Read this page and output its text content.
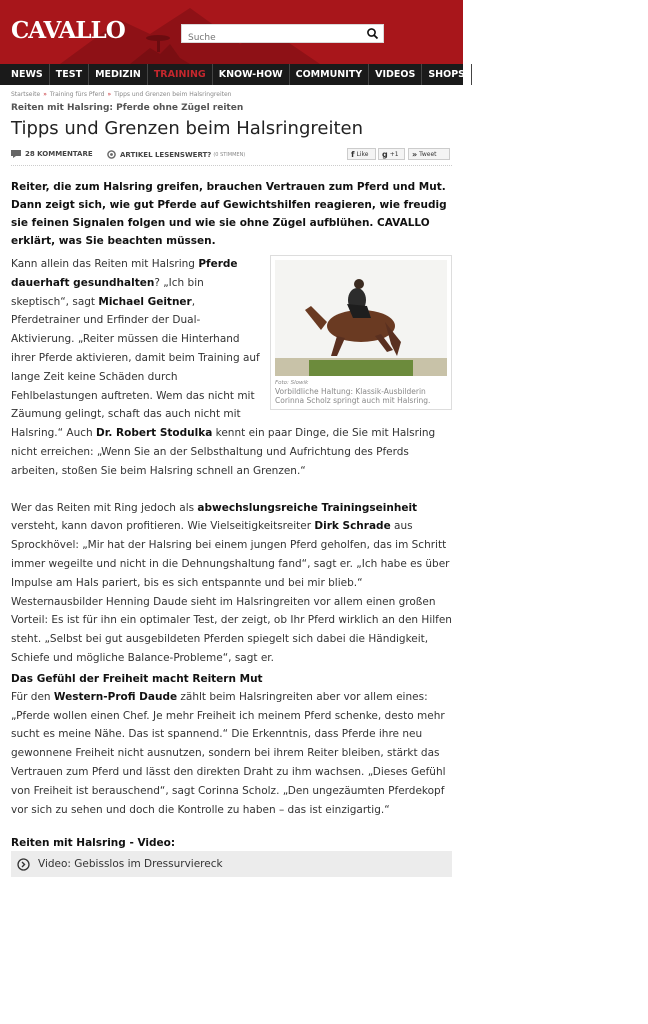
CAVALLO
Suche
NEWS	TEST	MEDIZIN	TRAINING	KNOW-HOW	COMMUNITY	VIDEOS	SHOPS	HEFT/
Startseite » Training fürs Pferd » Tipps und Grenzen beim Halsringreiten
Reiten mit Halsring: Pferde ohne Zügel reiten
Tipps und Grenzen beim Halsringreiten
28 KOMMENTARE	ARTIKEL LESENSWERT? (0 STIMMEN)	f Like g +1 » Tweet
Reiter, die zum Halsring greifen, brauchen Vertrauen zum Pferd und Mut. Dann zeigt sich, wie gut Pferde auf Gewichtshilfen reagieren, wie freudig sie feinen Signalen folgen und wie sie ohne Zügel aufblühen. CAVALLO erklärt, was Sie beachten müssen.
Foto: Slowik
Vorbildliche Haltung: Klassik-Ausbilderin Corinna Scholz springt auch mit Halsring.

Kann allein das Reiten mit Halsring Pferde dauerhaft gesundhalten? „Ich bin skeptisch“, sagt Michael Geitner, Pferdetrainer und Erfinder der Dual-Aktivierung. „Reiter müssen die Hinterhand ihrer Pferde aktivieren, damit beim Training auf lange Zeit keine Schäden durch Fehlbelastungen auftreten. Wem das nicht mit Zäumung gelingt, schaft das auch nicht mit Halsring.“ Auch Dr. Robert Stodulka kennt ein paar Dinge, die Sie mit Halsring nicht erreichen: „Wenn Sie an der Selbsthaltung und Aufrichtung des Pferds arbeiten, stoßen Sie beim Halsring schnell an Grenzen.“

Wer das Reiten mit Ring jedoch als abwechslungsreiche Trainingseinheit versteht, kann davon profitieren. Wie Vielseitigkeitsreiter Dirk Schrade aus Sprockhövel: „Mir hat der Halsring bei einem jungen Pferd geholfen, das im Schritt immer wegeilte und nicht in die Dehnungshaltung fand“, sagt er. „Ich habe es über Impulse am Hals pariert, bis es sich entspannte und bei mir blieb.“ Westernausbilder Henning Daude sieht im Halsringreiten vor allem einen großen Vorteil: Es ist für ihn ein optimaler Test, der zeigt, ob Ihr Pferd wirklich an den Hilfen steht. „Selbst bei gut ausgebildeten Pferden spiegelt sich dabei die Händigkeit, Schiefe und mögliche Balance-Probleme“, sagt er.

Das Gefühl der Freiheit macht Reitern Mut

Für den Western-Profi Daude zählt beim Halsringreiten aber vor allem eines: „Pferde wollen einen Chef. Je mehr Freiheit ich meinem Pferd schenke, desto mehr sucht es meine Nähe. Das ist spannend.“ Die Erkenntnis, dass Pferde ihre neu gewonnene Freiheit nicht ausnutzen, sondern bei ihrem Reiter bleiben, stärkt das Vertrauen zum Pferd und lässt den direkten Draht zu ihm wachsen. „Dieses Gefühl von Freiheit ist berauschend“, sagt Corinna Scholz. „Den ungezäumten Pferdekopf vor sich zu sehen und doch die Kontrolle zu haben – das ist einzigartig.“

Reiten mit Halsring - Video:
Video: Gebisslos im Dressurviereck
